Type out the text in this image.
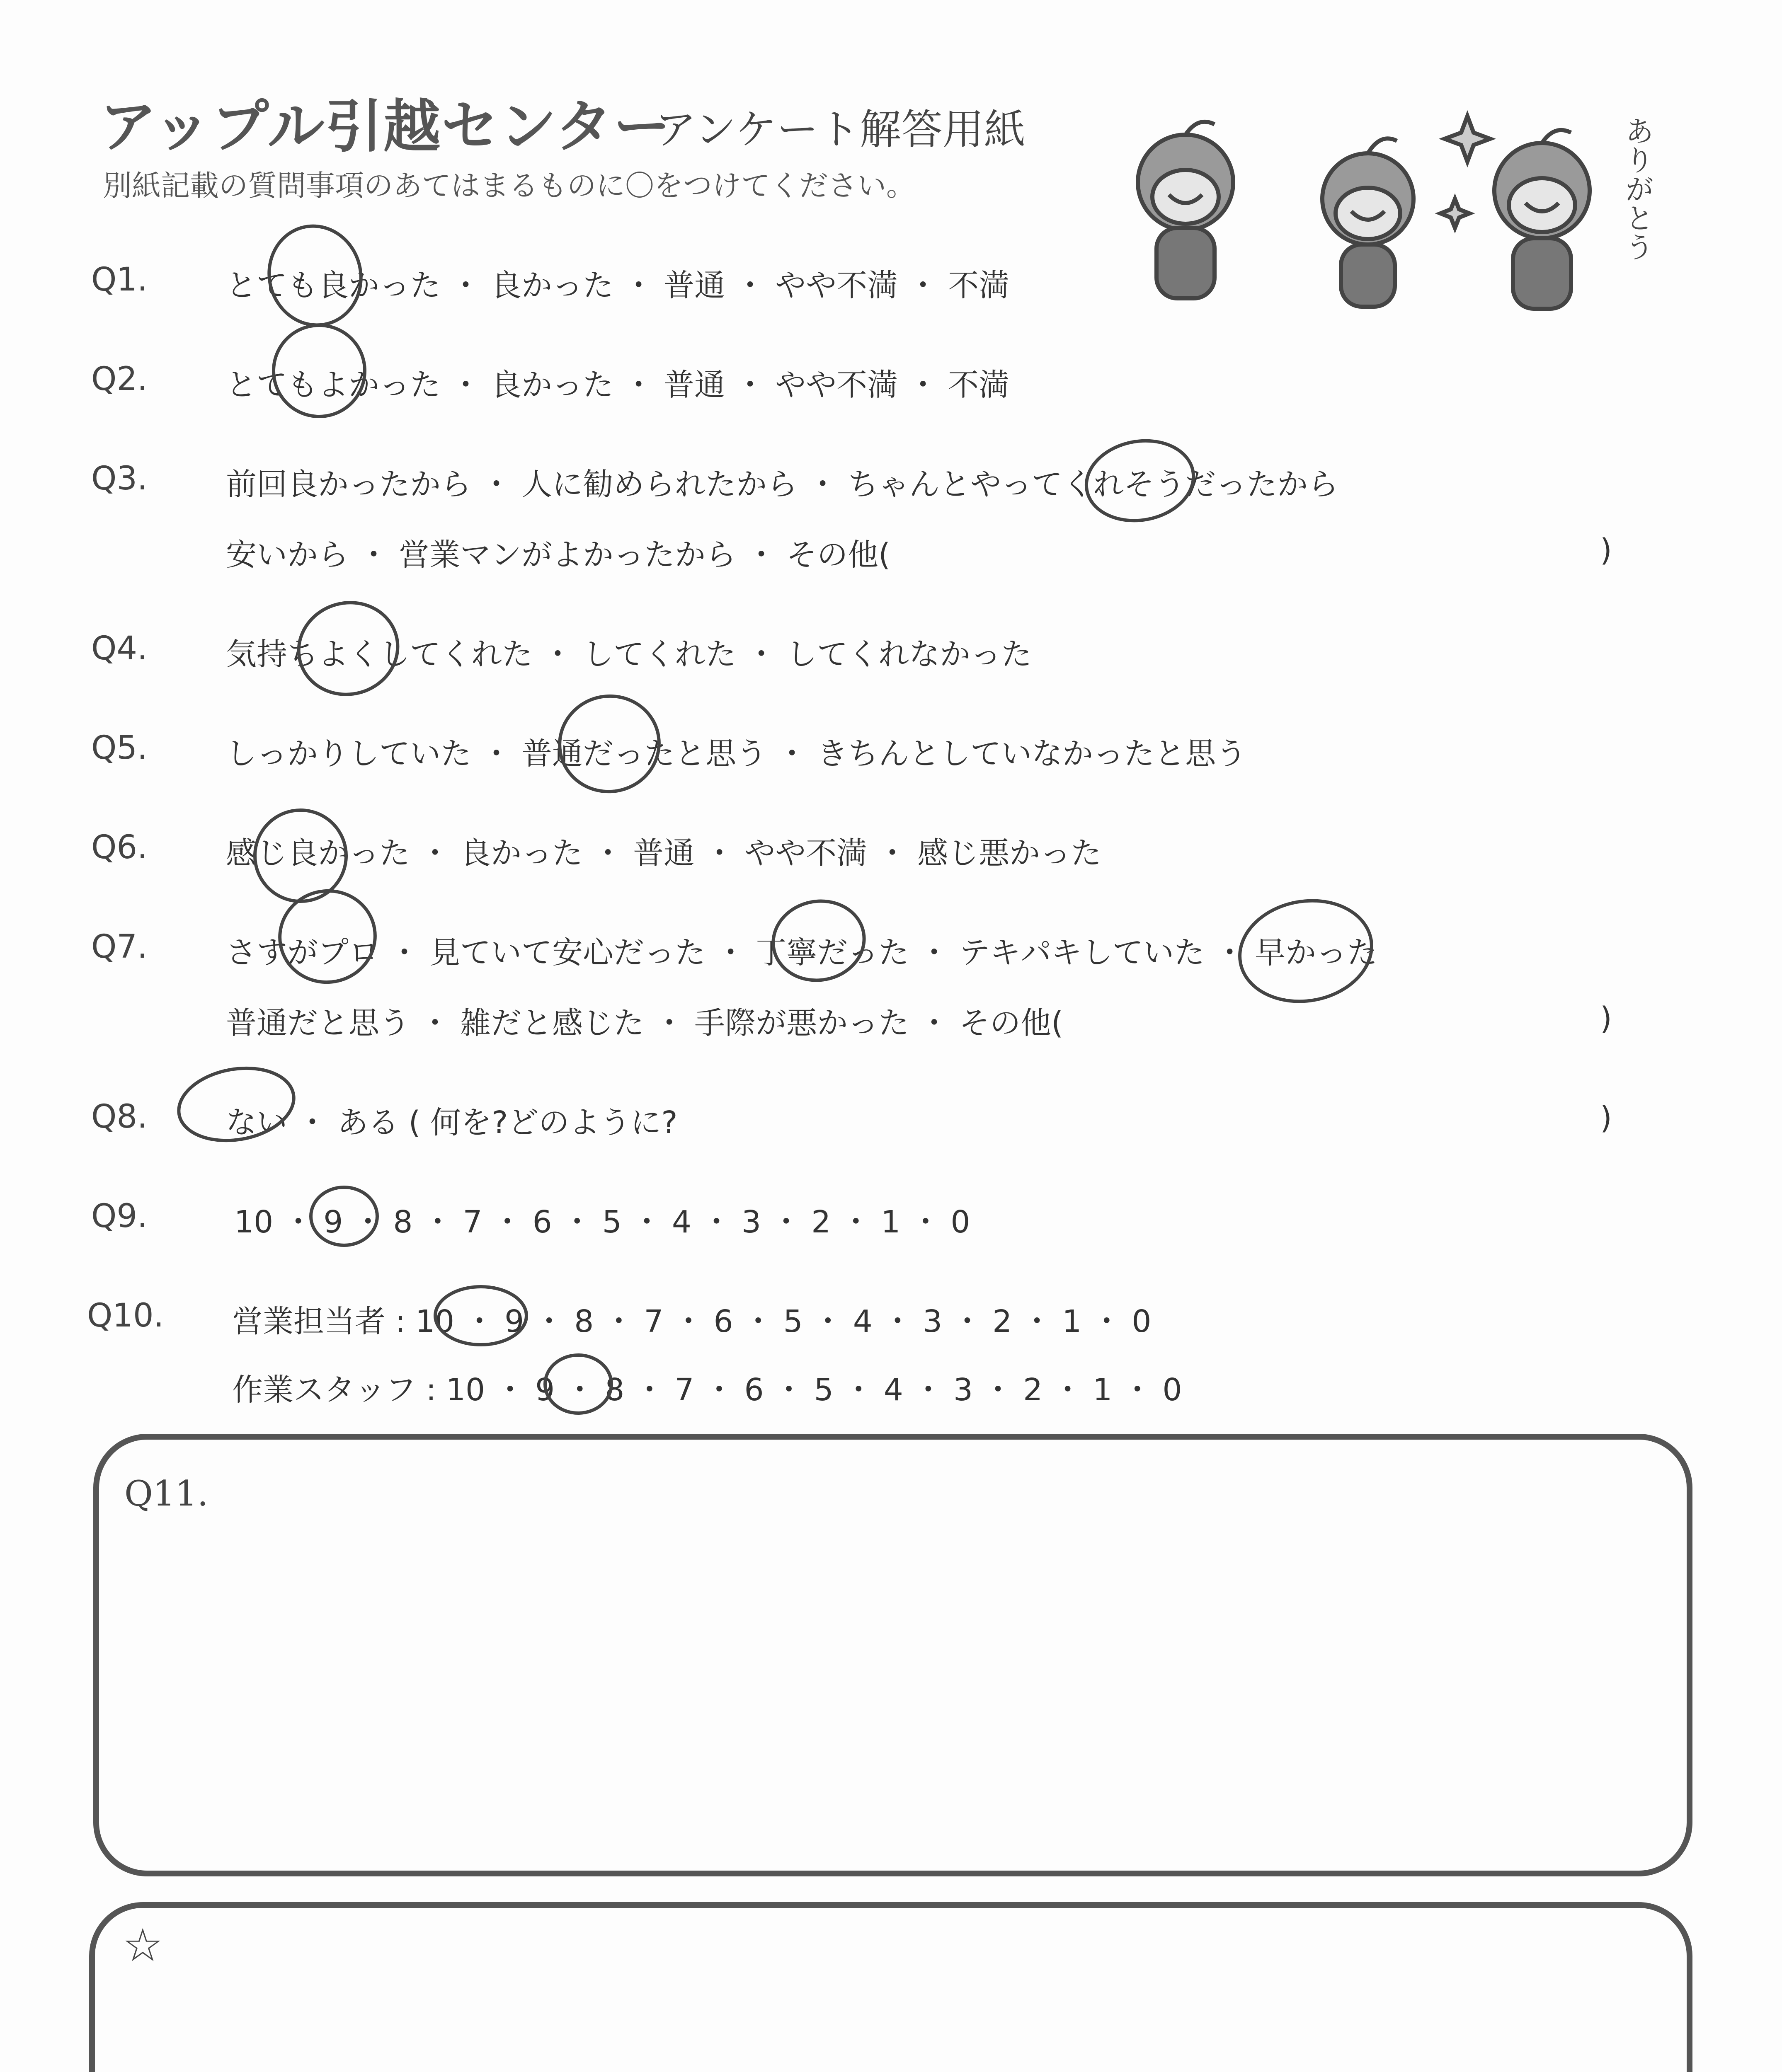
アップル引越センター
アンケート解答用紙
別紙記載の質問事項のあてはまるものに〇をつけてください。	ありがとう
Q1.	とても良かった ・ 良かった ・ 普通 ・ やや不満 ・ 不満
Q2.	とてもよかった ・ 良かった ・ 普通 ・ やや不満 ・ 不満
Q3.	前回良かったから ・ 人に勧められたから ・ ちゃんとやってくれそうだったから
安いから ・ 営業マンがよかったから ・ その他(	)
Q4.	気持ちよくしてくれた ・ してくれた ・ してくれなかった
Q5.	しっかりしていた ・ 普通だったと思う ・ きちんとしていなかったと思う
Q6.	感じ良かった ・ 良かった ・ 普通 ・ やや不満 ・ 感じ悪かった
Q7.	さすがプロ ・ 見ていて安心だった ・ 丁寧だった ・ テキパキしていた ・ 早かった
普通だと思う ・ 雑だと感じた ・ 手際が悪かった ・ その他(	)
Q8.	ない ・ ある ( 何を?どのように?	)
Q9.	10 ・ 9 ・ 8 ・ 7 ・ 6 ・ 5 ・ 4 ・ 3 ・ 2 ・ 1 ・ 0
Q10. 営業担当者 : 10 ・ 9 ・ 8 ・ 7 ・ 6 ・ 5 ・ 4 ・ 3 ・ 2 ・ 1 ・ 0
作業スタッフ : 10 ・ 9 ・ 8 ・ 7 ・ 6 ・ 5 ・ 4 ・ 3 ・ 2 ・ 1 ・ 0
Q11.
☆
